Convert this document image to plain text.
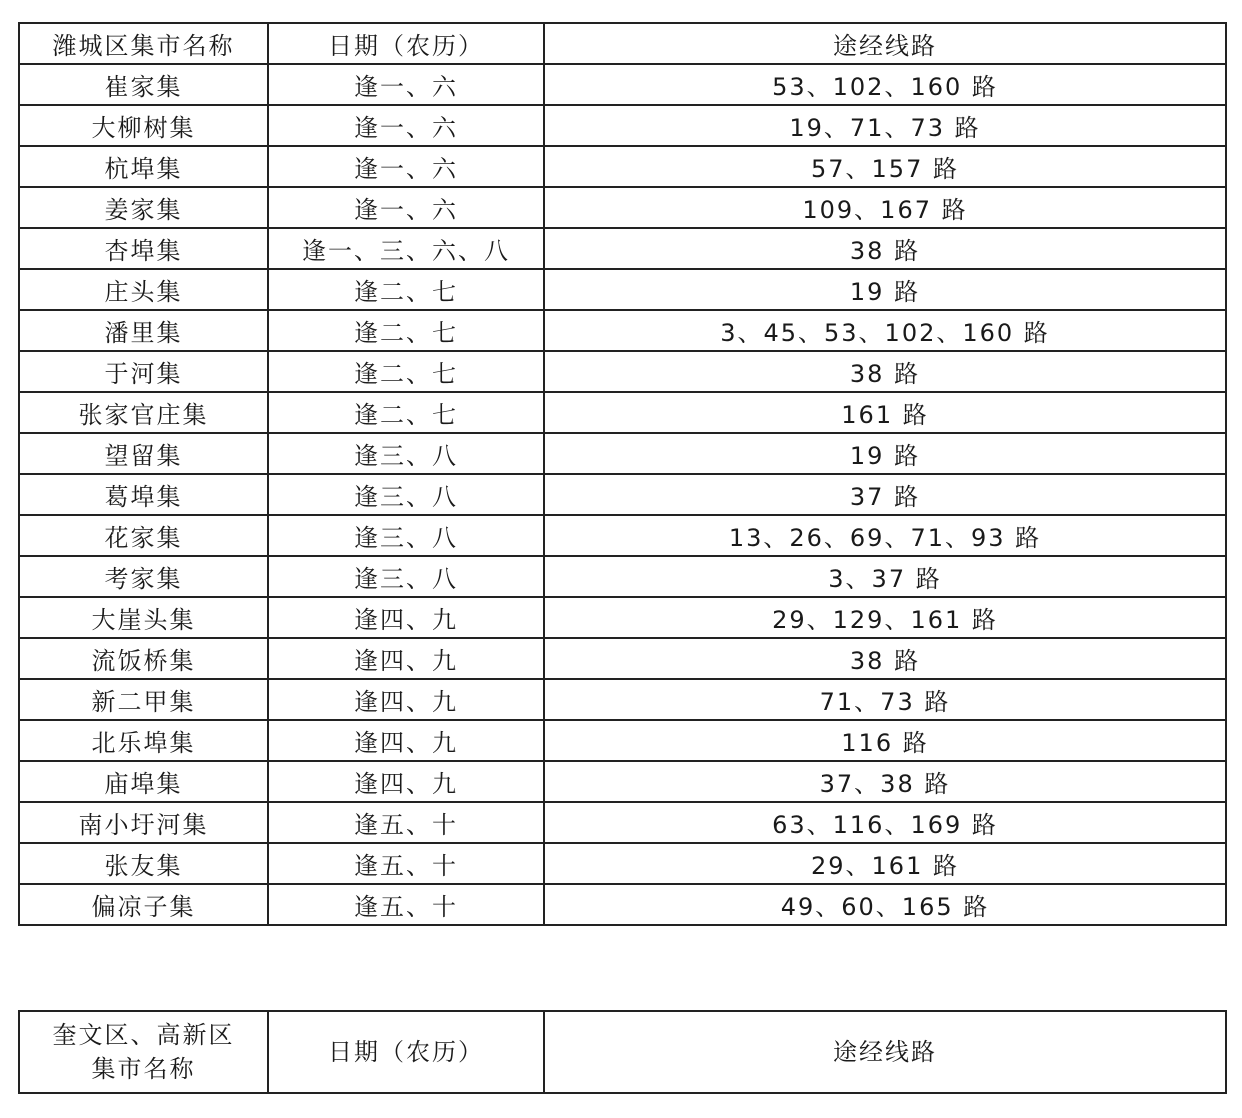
潍城区集市名称	日期（农历）	途经线路
崔家集	逢一、六	53、102、160 路
大柳树集	逢一、六	19、71、73 路
杭埠集	逢一、六	57、157 路
姜家集	逢一、六	109、167 路
杏埠集	逢一、三、六、八	38 路
庄头集	逢二、七	19 路
潘里集	逢二、七	3、45、53、102、160 路
于河集	逢二、七	38 路
张家官庄集	逢二、七	161 路
望留集	逢三、八	19 路
葛埠集	逢三、八	37 路
花家集	逢三、八	13、26、69、71、93 路
考家集	逢三、八	3、37 路
大崖头集	逢四、九	29、129、161 路
流饭桥集	逢四、九	38 路
新二甲集	逢四、九	71、73 路
北乐埠集	逢四、九	116 路
庙埠集	逢四、九	37、38 路
南小圩河集	逢五、十	63、116、169 路
张友集	逢五、十	29、161 路
偏凉子集	逢五、十	49、60、165 路
奎文区、高新区
集市名称	日期（农历）	途经线路
